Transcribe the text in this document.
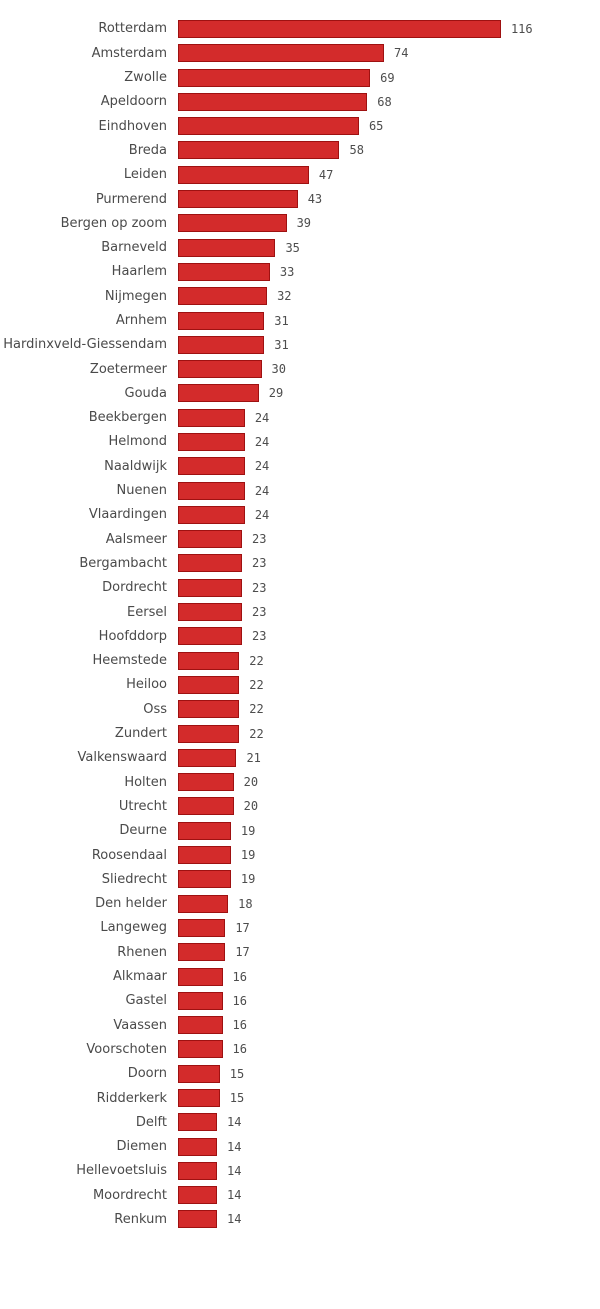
Rotterdam	116
Amsterdam	74
Zwolle	69
Apeldoorn	68
Eindhoven	65
Breda	58
Leiden	47
Purmerend	43
Bergen op zoom	39
Barneveld	35
Haarlem	33
Nijmegen	32
Arnhem	31
Hardinxveld-Giessendam	31
Zoetermeer	30
Gouda	29
Beekbergen	24
Helmond	24
Naaldwijk	24
Nuenen	24
Vlaardingen	24
Aalsmeer	23
Bergambacht	23
Dordrecht	23
Eersel	23
Hoofddorp	23
Heemstede	22
Heiloo	22
Oss	22
Zundert	22
Valkenswaard	21
Holten	20
Utrecht	20
Deurne	19
Roosendaal	19
Sliedrecht	19
Den helder	18
Langeweg	17
Rhenen	17
Alkmaar	16
Gastel	16
Vaassen	16
Voorschoten	16
Doorn	15
Ridderkerk	15
Delft	14
Diemen	14
Hellevoetsluis	14
Moordrecht	14
Renkum	14
